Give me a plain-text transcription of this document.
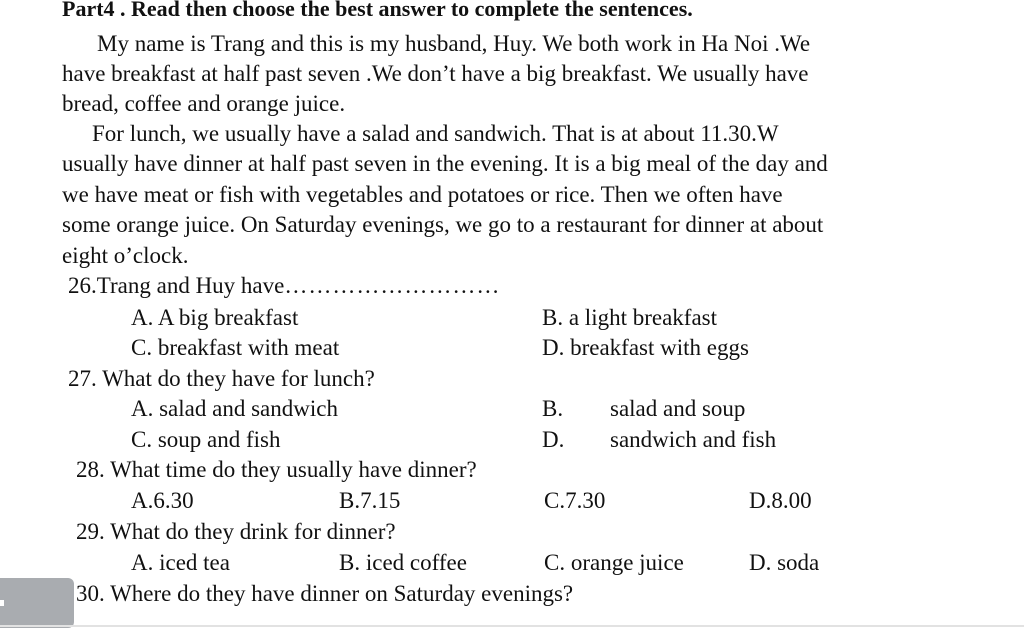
Part4 . Read then choose the best answer to complete the sentences.
My name is Trang and this is my husband, Huy. We both work in Ha Noi .We
have breakfast at half past seven .We don’t have a big breakfast. We usually have
bread, coffee and orange juice.
For lunch, we usually have a salad and sandwich. That is at about 11.30.W
usually have dinner at half past seven in the evening. It is a big meal of the day and
we have meat or fish with vegetables and potatoes or rice. Then we often have
some orange juice. On Saturday evenings, we go to a restaurant for dinner at about
eight o’clock.
26.Trang and Huy have………………………
A. A big breakfast	B. a light breakfast
C. breakfast with meat	D. breakfast with eggs
27. What do they have for lunch?
A. salad and sandwich	B. salad and soup
C. soup and fish	D. sandwich and fish
28. What time do they usually have dinner?
A.6.30	B.7.15	C.7.30	D.8.00
29. What do they drink for dinner?
A. iced tea	B. iced coffee	C. orange juice	D. soda
30. Where do they have dinner on Saturday evenings?
